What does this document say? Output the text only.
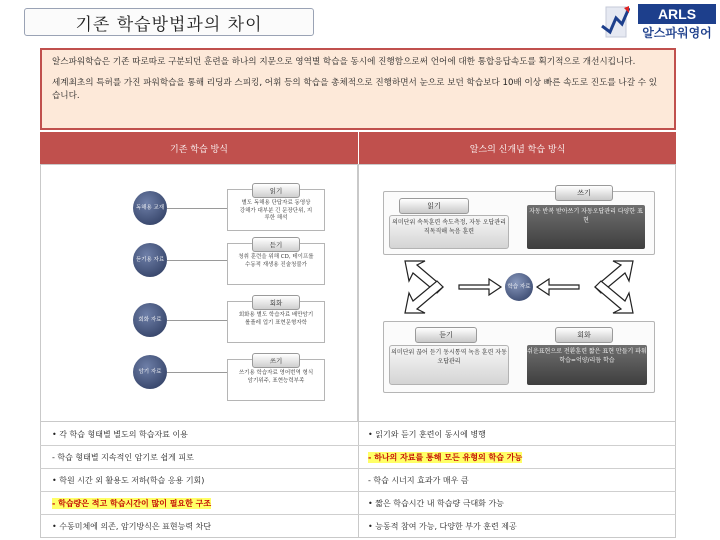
기존 학습방법과의 차이
ARLS
알스파워영어

알스파워학습은 기존 따로따로 구분되던 훈련을 하나의 지문으로 영역별 학습을 동시에 진행함으로써 언어에 대한 통합응답속도를 획기적으로 개선시킵니다.

세계최초의 특허를 가진 파워학습을 통해 리딩과 스피킹, 어휘 등의 학습을 총체적으로 진행하면서 눈으로 보던 학습보다 10배 이상 빠른 속도로 진도를 나갈 수 있습니다.

기존 학습 방식	알스의 신개념 학습 방식
독해용 교재
듣기용 자료
회화 자료
암기 자료
읽기
별도 독해용 단답자료 동영상 강해가 대부분 긴 문장단위, 지루한 해석
듣기
청취 훈련을 위해 CD, 테이프를 수동적 재생용 진술청불가
회화
회화용 별도 학습자료 배만암기 롤플레 업기 표현문형자학
쓰기
쓰기용 학습자료 영어번역 형식 암기위주, 표현능력부족
읽기
쓰기
의미단위 속독훈련 속도측정, 자동 오답관리 직독직해 녹음 훈련
자동 반복 받아쓰기 자동오답관리 다양한 표현
학습 자료
듣기	회화
의미단위 끊어 듣기 동시통역 녹음 훈련 자동 오답관리
쉬운표현으로 전환훈련 짧은 표현 만들기 파워학습=억양/리듬 학습
• 각 학습 형태별 별도의 학습자료 이용	• 읽기와 듣기 훈련이 동시에 병행
- 학습 형태별 지속적인 암기로 쉽게 피로	- 하나의 자료를 통해 모든 유형의 학습 가능
• 학원 시간 외 활용도 저하(학습 응용 기회)	- 학습 시너지 효과가 매우 큼
- 학습량은 적고 학습시간이 많이 필요한 구조	• 짧은 학습시간 내 학습량 극대화 가능
• 수동미체에 의존, 암기방식은 표현능력 차단	• 능동적 참여 가능, 다양한 부가 훈련 제공
